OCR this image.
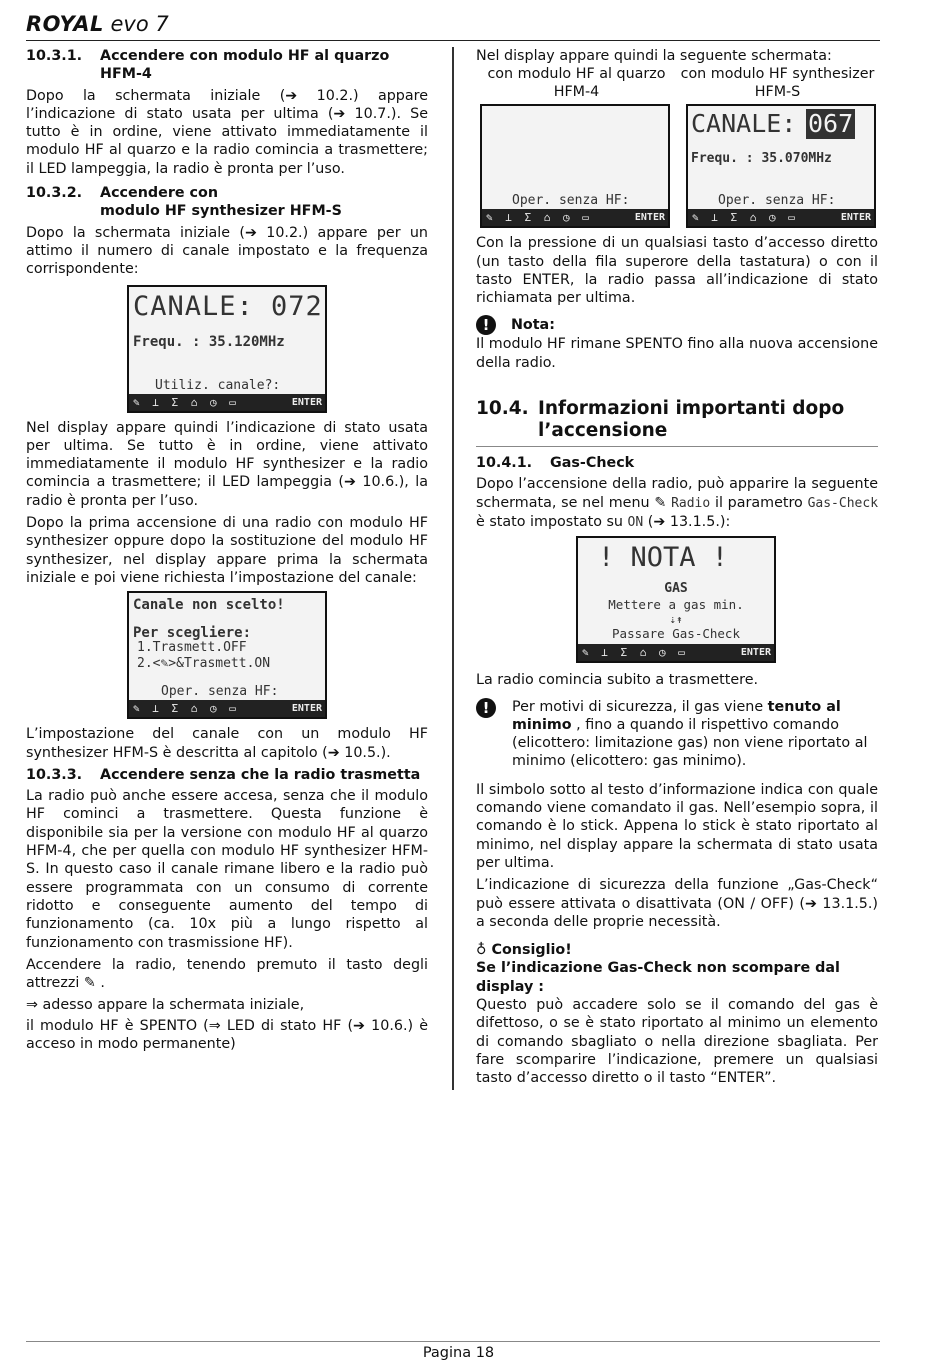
ROYAL evo 7
10.3.1.	Accendere con modulo HF al quarzo HFM-4

Dopo la schermata iniziale (➔ 10.2.) appare l’indicazione di stato usata per ultima (➔ 10.7.). Se tutto è in ordine, viene attivato immediatamente il modulo HF al quarzo e la radio comincia a trasmettere; il LED lampeggia, la radio è pronta per l’uso.

10.3.2.	Accendere con
modulo HF synthesizer HFM-S

Dopo la schermata iniziale (➔ 10.2.) appare per un attimo il numero di canale impostato e la frequenza corrispondente:

CANALE: 072
Frequ. : 35.120MHz
Utiliz. canale?:
✎ ⊥ Σ ⌂ ◷ ▭	ENTER

Nel display appare quindi l’indicazione di stato usata per ultima. Se tutto è in ordine, viene attivato immediatamente il modulo HF synthesizer e la radio comincia a trasmettere; il LED lampeggia (➔ 10.6.), la radio è pronta per l’uso.

Dopo la prima accensione di una radio con modulo HF synthesizer oppure dopo la sostituzione del modulo HF synthesizer, nel display appare prima la schermata iniziale e poi viene richiesta l’impostazione del canale:

Canale non scelto!
Per scegliere:
1.Trasmett.OFF
2.<✎>&Trasmett.ON
Oper. senza HF:
✎ ⊥ Σ ⌂ ◷ ▭	ENTER

L’impostazione del canale con un modulo HF synthesizer HFM-S è descritta al capitolo (➔ 10.5.).

10.3.3.	Accendere senza che la radio trasmetta

La radio può anche essere accesa, senza che il modulo HF cominci a trasmettere. Questa funzione è disponibile sia per la versione con modulo HF al quarzo HFM-4, che per quella con modulo HF synthesizer HFM-S. In questo caso il canale rimane libero e la radio può essere programmata con un consumo di corrente ridotto e conseguente aumento del tempo di funzionamento (ca. 10x più a lungo rispetto al funzionamento con trasmissione HF).

Accendere la radio, tenendo premuto il tasto degli attrezzi ✎ .

⇒ adesso appare la schermata iniziale,

il modulo HF è SPENTO (⇒ LED di stato HF (➔ 10.6.) è acceso in modo permanente)

Nel display appare quindi la seguente schermata:

con modulo HF al quarzo HFM-4
con modulo HF synthesizer HFM-S
Oper. senza HF:
✎ ⊥ Σ ⌂ ◷ ▭	ENTER
CANALE: 067
Frequ. : 35.070MHz
Oper. senza HF:
✎ ⊥ Σ ⌂ ◷ ▭	ENTER

Con la pressione di un qualsiasi tasto d’accesso diretto (un tasto della fila superore della tastatura) o con il tasto ENTER, la radio passa all’indicazione di stato richiamata per ultima.

! Nota:

Il modulo HF rimane SPENTO fino alla nuova accensione della radio.

10.4. Informazioni importanti dopo l’accensione
10.4.1.	Gas-Check

Dopo l’accensione della radio, può apparire la seguente schermata, se nel menu ✎ Radio il parametro Gas-Check è stato impostato su ON (➔ 13.1.5.):

! NOTA !
GAS
Mettere a gas min.
⇣↟
Passare Gas-Check
✎ ⊥ Σ ⌂ ◷ ▭	ENTER

La radio comincia subito a trasmettere.

!	Per motivi di sicurezza, il gas viene tenuto al minimo , fino a quando il rispettivo comando (elicottero: limitazione gas) non viene riportato al minimo (elicottero: gas minimo).

Il simbolo sotto al testo d’informazione indica con quale comando viene comandato il gas. Nell’esempio sopra, il comando è lo stick. Appena lo stick è stato riportato al minimo, nel display appare la schermata di stato usata per ultima.

L’indicazione di sicurezza della funzione „Gas-Check“ può essere attivata o disattivata (ON / OFF) (➔ 13.1.5.) a seconda delle proprie necessità.

♁ Consiglio!
Se l’indicazione Gas-Check non scompare dal display :

Questo può accadere solo se il comando del gas è difettoso, o se è stato riportato al minimo un elemento di comando sbagliato o nella direzione sbagliata. Per fare scomparire l’indicazione, premere un qualsiasi tasto d’accesso diretto o il tasto “ENTER”.

Pagina 18
